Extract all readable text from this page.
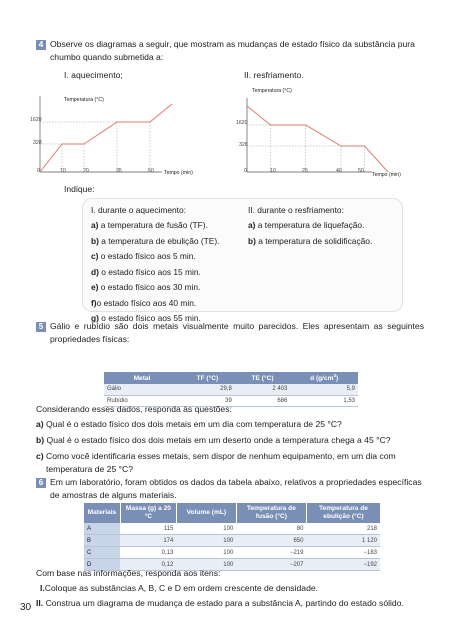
4 Observe os diagramas a seguir, que mostram as mudanças de estado físico da substância pura chumbo quando submetida a:
I. aquecimento;	II. resfriamento.
Temperatura (°C)
1620
328
0	10	20	35	50 Tempo (min)
Temperatura (°C)
1620
328
0	10	25	40	50
Tempo (min)
Indique:
I. durante o aquecimento:
a) a temperatura de fusão (TF).
b) a temperatura de ebulição (TE).
c) o estado físico aos 5 min.
d) o estado físico aos 15 min.
e) o estado físico aos 30 min.
f)o estado físico aos 40 min.
g) o estado físico aos 55 min.
II. durante o resfriamento:
a) a temperatura de liquefação.
b) a temperatura de solidificação.
5 Gálio e rubídio são dois metais visualmente muito parecidos. Eles apresentam as seguintes propriedades físicas:
Metal	TF (°C)	TE (°C)	d $(g/cm^3)$
Gálio	29,8	2 403	5,9
Rubídio	39	686	1,53
Considerando esses dados, responda às questões:
a) Qual é o estado físico dos dois metais em um dia com temperatura de 25 °C?
b) Qual é o estado físico dos dois metais em um deserto onde a temperatura chega a 45 °C?
c) Como você identificaria esses metais, sem dispor de nenhum equipamento, em um dia com temperatura de 25 °C?
6 Em um laboratório, foram obtidos os dados da tabela abaixo, relativos a propriedades específicas de amostras de alguns materiais.
Materiais	Massa (g) a 20 °C	Volume (mL)	Temperatura de fusão (°C)	Temperatura de ebulição (°C)
A	115	100	80	218
B	174	100	650	1 120
C	0,13	100	−219	−183
D	0,12	100	−207	−192
Com base nas informações, responda aos itens:
I.Coloque as substâncias A, B, C e D em ordem crescente de densidade.
II. Construa um diagrama de mudança de estado para a substância A, partindo do estado sólido.
30
